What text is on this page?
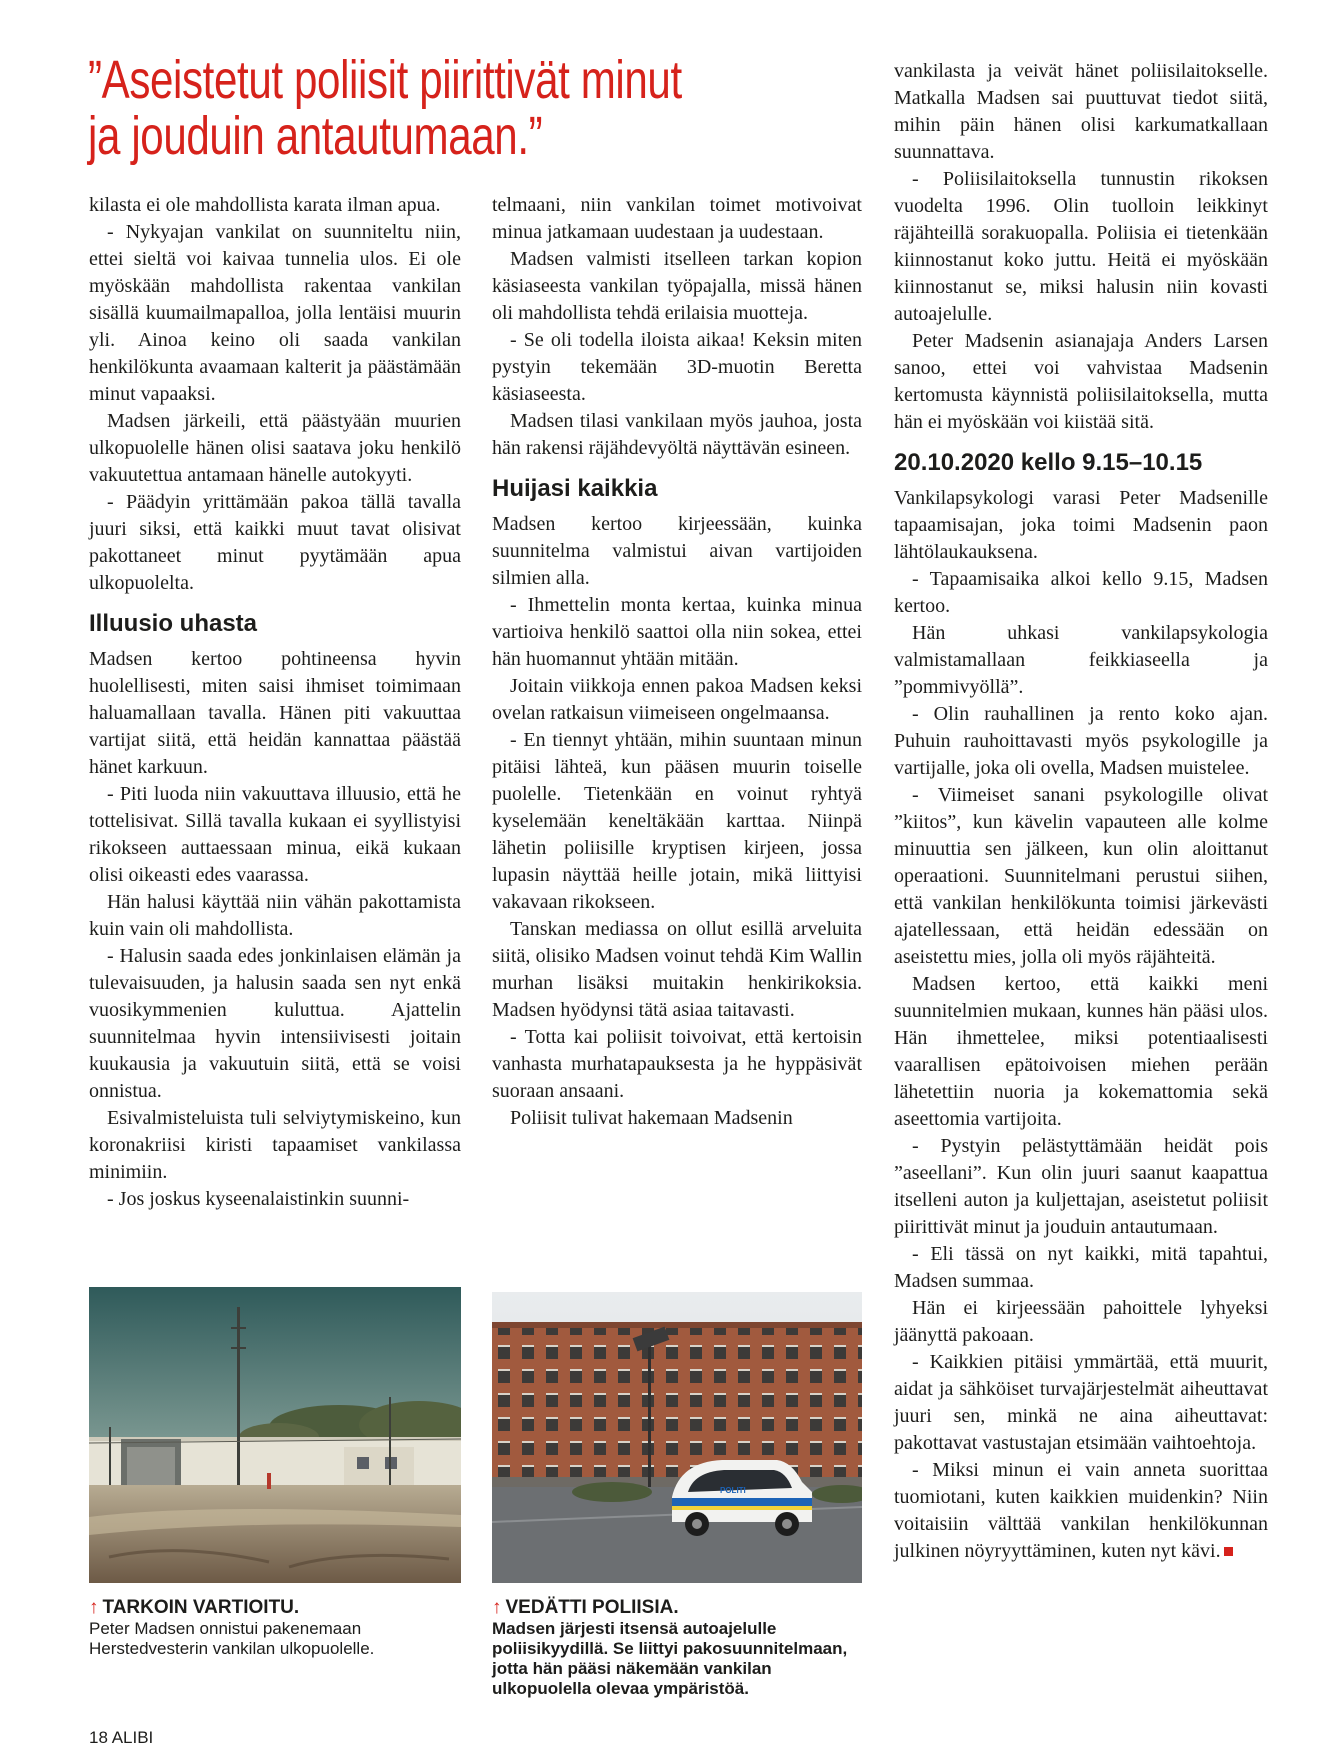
”Aseistetut poliisit piirittivät minut
ja jouduin antautumaan.”

kilasta ei ole mahdollista karata ilman apua.

- Nykyajan vankilat on suunniteltu niin, ettei sieltä voi kaivaa tunnelia ulos. Ei ole myöskään mahdollista rakentaa vankilan sisällä kuumailmapalloa, jolla lentäisi muurin yli. Ainoa keino oli saada vankilan henkilökunta avaamaan kalterit ja päästämään minut vapaaksi.

Madsen järkeili, että päästyään muurien ulkopuolelle hänen olisi saatava joku henkilö vakuutettua antamaan hänelle autokyyti.

- Päädyin yrittämään pakoa tällä tavalla juuri siksi, että kaikki muut tavat olisivat pakottaneet minut pyytämään apua ulkopuolelta.

Illuusio uhasta

Madsen kertoo pohtineensa hyvin huolellisesti, miten saisi ihmiset toimimaan haluamallaan tavalla. Hänen piti vakuuttaa vartijat siitä, että heidän kannattaa päästää hänet karkuun.

- Piti luoda niin vakuuttava illuusio, että he tottelisivat. Sillä tavalla kukaan ei syyllistyisi rikokseen auttaessaan minua, eikä kukaan olisi oikeasti edes vaarassa.

Hän halusi käyttää niin vähän pakottamista kuin vain oli mahdollista.

- Halusin saada edes jonkinlaisen elämän ja tulevaisuuden, ja halusin saada sen nyt enkä vuosikymmenien kuluttua. Ajattelin suunnitelmaa hyvin intensiivisesti joitain kuukausia ja vakuutuin siitä, että se voisi onnistua.

Esivalmisteluista tuli selviytymiskeino, kun koronakriisi kiristi tapaamiset vankilassa minimiin.

- Jos joskus kyseenalaistinkin suunni-

telmaani, niin vankilan toimet motivoivat minua jatkamaan uudestaan ja uudestaan.

Madsen valmisti itselleen tarkan kopion käsiaseesta vankilan työpajalla, missä hänen oli mahdollista tehdä erilaisia muotteja.

- Se oli todella iloista aikaa! Keksin miten pystyin tekemään 3D-muotin Beretta käsiaseesta.

Madsen tilasi vankilaan myös jauhoa, josta hän rakensi räjähdevyöltä näyttävän esineen.

Huijasi kaikkia

Madsen kertoo kirjeessään, kuinka suunnitelma valmistui aivan vartijoiden silmien alla.

- Ihmettelin monta kertaa, kuinka minua vartioiva henkilö saattoi olla niin sokea, ettei hän huomannut yhtään mitään.

Joitain viikkoja ennen pakoa Madsen keksi ovelan ratkaisun viimeiseen ongelmaansa.

- En tiennyt yhtään, mihin suuntaan minun pitäisi lähteä, kun pääsen muurin toiselle puolelle. Tietenkään en voinut ryhtyä kyselemään keneltäkään karttaa. Niinpä lähetin poliisille kryptisen kirjeen, jossa lupasin näyttää heille jotain, mikä liittyisi vakavaan rikokseen.

Tanskan mediassa on ollut esillä arveluita siitä, olisiko Madsen voinut tehdä Kim Wallin murhan lisäksi muitakin henkirikoksia. Madsen hyödynsi tätä asiaa taitavasti.

- Totta kai poliisit toivoivat, että kertoisin vanhasta murhatapauksesta ja he hyppäsivät suoraan ansaani.

Poliisit tulivat hakemaan Madsenin

vankilasta ja veivät hänet poliisilaitokselle. Matkalla Madsen sai puuttuvat tiedot siitä, mihin päin hänen olisi karkumatkallaan suunnattava.

- Poliisilaitoksella tunnustin rikoksen vuodelta 1996. Olin tuolloin leikkinyt räjähteillä sorakuopalla. Poliisia ei tietenkään kiinnostanut koko juttu. Heitä ei myöskään kiinnostanut se, miksi halusin niin kovasti autoajelulle.

Peter Madsenin asianajaja Anders Larsen sanoo, ettei voi vahvistaa Madsenin kertomusta käynnistä poliisilaitoksella, mutta hän ei myöskään voi kiistää sitä.

20.10.2020 kello 9.15–10.15

Vankilapsykologi varasi Peter Madsenille tapaamisajan, joka toimi Madsenin paon lähtölaukauksena.

- Tapaamisaika alkoi kello 9.15, Madsen kertoo.

Hän uhkasi vankilapsykologia valmistamallaan feikkiaseella ja ”pommivyöllä”.

- Olin rauhallinen ja rento koko ajan. Puhuin rauhoittavasti myös psykologille ja vartijalle, joka oli ovella, Madsen muistelee.

- Viimeiset sanani psykologille olivat ”kiitos”, kun kävelin vapauteen alle kolme minuuttia sen jälkeen, kun olin aloittanut operaationi. Suunnitelmani perustui siihen, että vankilan henkilökunta toimisi järkevästi ajatellessaan, että heidän edessään on aseistettu mies, jolla oli myös räjähteitä.

Madsen kertoo, että kaikki meni suunnitelmien mukaan, kunnes hän pääsi ulos. Hän ihmettelee, miksi potentiaalisesti vaarallisen epätoivoisen miehen perään lähetettiin nuoria ja kokemattomia sekä aseettomia vartijoita.

- Pystyin pelästyttämään heidät pois ”aseellani”. Kun olin juuri saanut kaapattua itselleni auton ja kuljettajan, aseistetut poliisit piirittivät minut ja jouduin antautumaan.

- Eli tässä on nyt kaikki, mitä tapahtui, Madsen summaa.

Hän ei kirjeessään pahoittele lyhyeksi jäänyttä pakoaan.

- Kaikkien pitäisi ymmärtää, että muurit, aidat ja sähköiset turvajärjestelmät aiheuttavat juuri sen, minkä ne aina aiheuttavat: pakottavat vastustajan etsimään vaihtoehtoja.

- Miksi minun ei vain anneta suorittaa tuomiotani, kuten kaikkien muidenkin? Niin voitaisiin välttää vankilan henkilökunnan julkinen nöyryyttäminen, kuten nyt kävi.

POLITI
↑ TARKOIN VARTIOITU.
Peter Madsen onnistui pakenemaan Herstedvesterin vankilan ulkopuolelle.
↑ VEDÄTTI POLIISIA.
Madsen järjesti itsensä autoajelulle poliisikyydillä. Se liittyi pakosuunnitelmaan, jotta hän pääsi näkemään vankilan ulkopuolella olevaa ympäristöä.
18 ALIBI
